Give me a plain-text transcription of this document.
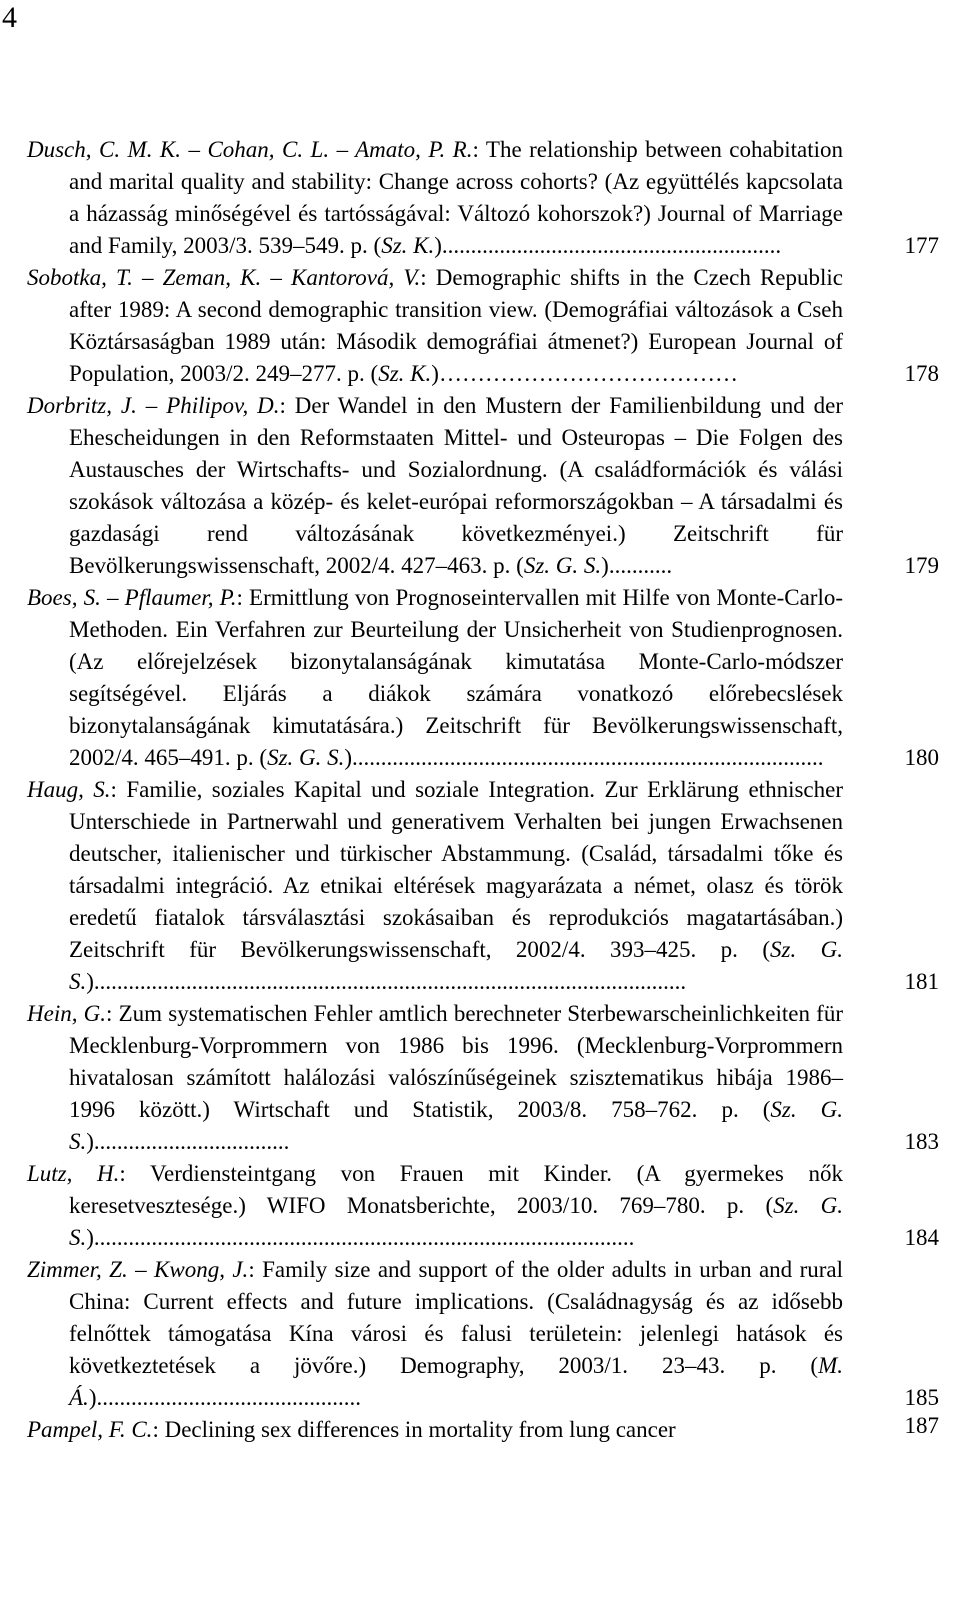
4
Dusch, C. M. K. – Cohan, C. L. – Amato, P. R.: The relationship between cohabitation and marital quality and stability: Change across cohorts? (Az együttélés kapcsolata a házasság minőségével és tartósságával: Változó kohorszok?) Journal of Marriage and Family, 2003/3. 539–549. p. (Sz. K.)...........................................................	177
Sobotka, T. – Zeman, K. – Kantorová, V.: Demographic shifts in the Czech Republic after 1989: A second demographic transition view. (Demográfiai változások a Cseh Köztársaságban 1989 után: Második demográfiai átmenet?) European Journal of Population, 2003/2. 249–277. p. (Sz. K.)…………………………………	178
Dorbritz, J. – Philipov, D.: Der Wandel in den Mustern der Familienbildung und der Ehescheidungen in den Reformstaaten Mittel- und Osteuropas – Die Folgen des Austausches der Wirtschafts- und Sozialordnung. (A családformációk és válási szokások változása a közép- és kelet-európai reformországokban – A társadalmi és gazdasági rend változásának következményei.) Zeitschrift für Bevölkerungswissenschaft, 2002/4. 427–463. p. (Sz. G. S.)...........	179
Boes, S. – Pflaumer, P.: Ermittlung von Prognoseintervallen mit Hilfe von Monte-Carlo-Methoden. Ein Verfahren zur Beurteilung der Unsicherheit von Studienprognosen. (Az előrejelzések bizonytalanságának kimutatása Monte-Carlo-módszer segítségével. Eljárás a diákok számára vonatkozó előrebecslések bizonytalanságának kimutatására.) Zeitschrift für Bevölkerungswissenschaft, 2002/4. 465–491. p. (Sz. G. S.)..................................................................................	180
Haug, S.: Familie, soziales Kapital und soziale Integration. Zur Erklärung ethnischer Unterschiede in Partnerwahl und generativem Verhalten bei jungen Erwachsenen deutscher, italienischer und türkischer Abstammung. (Család, társadalmi tőke és társadalmi integráció. Az etnikai eltérések magyarázata a német, olasz és török eredetű fiatalok társválasztási szokásaiban és reprodukciós magatartásában.) Zeitschrift für Bevölkerungswissenschaft, 2002/4. 393–425. p. (Sz. G. S.).......................................................................................................	181
Hein, G.: Zum systematischen Fehler amtlich berechneter Sterbewarscheinlichkeiten für Mecklenburg-Vorprommern von 1986 bis 1996. (Mecklenburg-Vorprommern hivatalosan számított halálozási valószínűségeinek szisztematikus hibája 1986–1996 között.) Wirtschaft und Statistik, 2003/8. 758–762. p. (Sz. G. S.)..................................	183
Lutz, H.: Verdiensteintgang von Frauen mit Kinder. (A gyermekes nők keresetvesztesége.) WIFO Monatsberichte, 2003/10. 769–780. p. (Sz. G. S.)..............................................................................................	184
Zimmer, Z. – Kwong, J.: Family size and support of the older adults in urban and rural China: Current effects and future implications. (Családnagyság és az idősebb felnőttek támogatása Kína városi és falusi területein: jelenlegi hatások és következtetések a jövőre.) Demography, 2003/1. 23–43. p. (M. Á.)..............................................	185
Pampel, F. C.: Declining sex differences in mortality from lung cancer	187
